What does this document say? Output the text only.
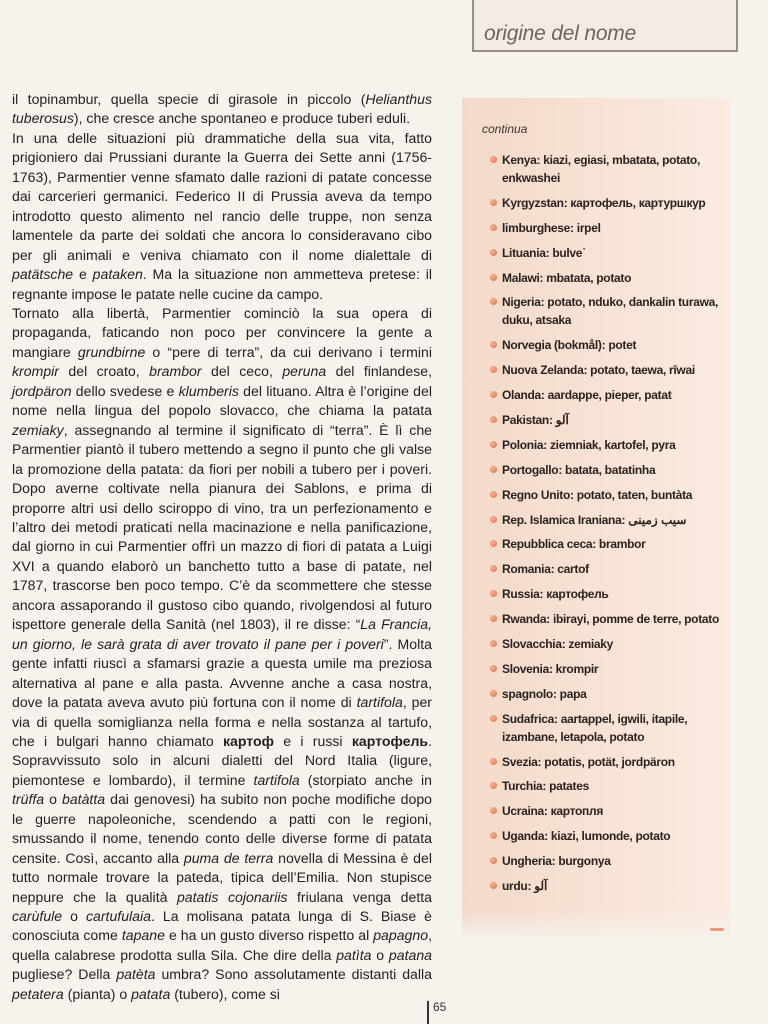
origine del nome

il topinambur, quella specie di girasole in piccolo (Helianthus tuberosus), che cresce anche spontaneo e produce tuberi eduli.

In una delle situazioni più drammatiche della sua vita, fatto prigioniero dai Prussiani durante la Guerra dei Sette anni (1756-1763), Parmentier venne sfamato dalle razioni di patate concesse dai carcerieri germanici. Federico II di Prussia aveva da tempo introdotto questo alimento nel rancio delle truppe, non senza lamentele da parte dei soldati che ancora lo consideravano cibo per gli animali e veniva chiamato con il nome dialettale di patätsche e pataken. Ma la situazione non ammetteva pretese: il regnante impose le patate nelle cucine da campo.

Tornato alla libertà, Parmentier cominciò la sua opera di propaganda, faticando non poco per convincere la gente a mangiare grundbirne o “pere di terra”, da cui derivano i termini krompir del croato, brambor del ceco, peruna del finlandese, jordpäron dello svedese e klumberis del lituano. Altra è l’origine del nome nella lingua del popolo slovacco, che chiama la patata zemiaky, assegnando al termine il significato di “terra”. È lì che Parmentier piantò il tubero mettendo a segno il punto che gli valse la promozione della patata: da fiori per nobili a tubero per i poveri. Dopo averne coltivate nella pianura dei Sablons, e prima di proporre altri usi dello sciroppo di vino, tra un perfezionamento e l’altro dei metodi praticati nella macinazione e nella panificazione, dal giorno in cui Parmentier offrì un mazzo di fiori di patata a Luigi XVI a quando elaborò un banchetto tutto a base di patate, nel 1787, trascorse ben poco tempo. C’è da scommettere che stesse ancora assaporando il gustoso cibo quando, rivolgendosi al futuro ispettore generale della Sanità (nel 1803), il re disse: “La Francia, un giorno, le sarà grata di aver trovato il pane per i poveri”. Molta gente infatti riuscì a sfamarsi grazie a questa umile ma preziosa alternativa al pane e alla pasta. Avvenne anche a casa nostra, dove la patata aveva avuto più fortuna con il nome di tartifola, per via di quella somiglianza nella forma e nella sostanza al tartufo, che i bulgari hanno chiamato картоф e i russi картофель. Sopravvissuto solo in alcuni dialetti del Nord Italia (ligure, piemontese e lombardo), il termine tartifola (storpiato anche in trüffa o batàtta dai genovesi) ha subito non poche modifiche dopo le guerre napoleoniche, scendendo a patti con le regioni, smussando il nome, tenendo conto delle diverse forme di patata censite. Così, accanto alla puma de terra novella di Messina è del tutto normale trovare la pateda, tipica dell’Emilia. Non stupisce neppure che la qualità patatis cojonariis friulana venga detta carùfule o cartufulaia. La molisana patata lunga di S. Biase è conosciuta come tapane e ha un gusto diverso rispetto al papagno, quella calabrese prodotta sulla Sila. Che dire della patìta o patana pugliese? Della patèta umbra? Sono assolutamente distanti dalla petatera (pianta) o patata (tubero), come si

continua
Kenya: kiazi, egiasi, mbatata, potato, enkwashei
Kyrgyzstan: картофель, картуршкур
limburghese: irpel
Lituania: bulve˙
Malawi: mbatata, potato
Nigeria: potato, nduko, dankalin turawa, duku, atsaka
Norvegia (bokmål): potet
Nuova Zelanda: potato, taewa, rīwai
Olanda: aardappe, pieper, patat
Pakistan: آلو
Polonia: ziemniak, kartofel, pyra
Portogallo: batata, batatinha
Regno Unito: potato, taten, buntàta
Rep. Islamica Iraniana: سیب زمینی
Repubblica ceca: brambor
Romania: cartof
Russia: картофель
Rwanda: ibirayi, pomme de terre, potato
Slovacchia: zemiaky
Slovenia: krompir
spagnolo: papa
Sudafrica: aartappel, igwili, itapile, izambane, letapola, potato
Svezia: potatis, potät, jordpäron
Turchia: patates
Ucraina: картопля
Uganda: kiazi, lumonde, potato
Ungheria: burgonya
urdu: آلو
65
